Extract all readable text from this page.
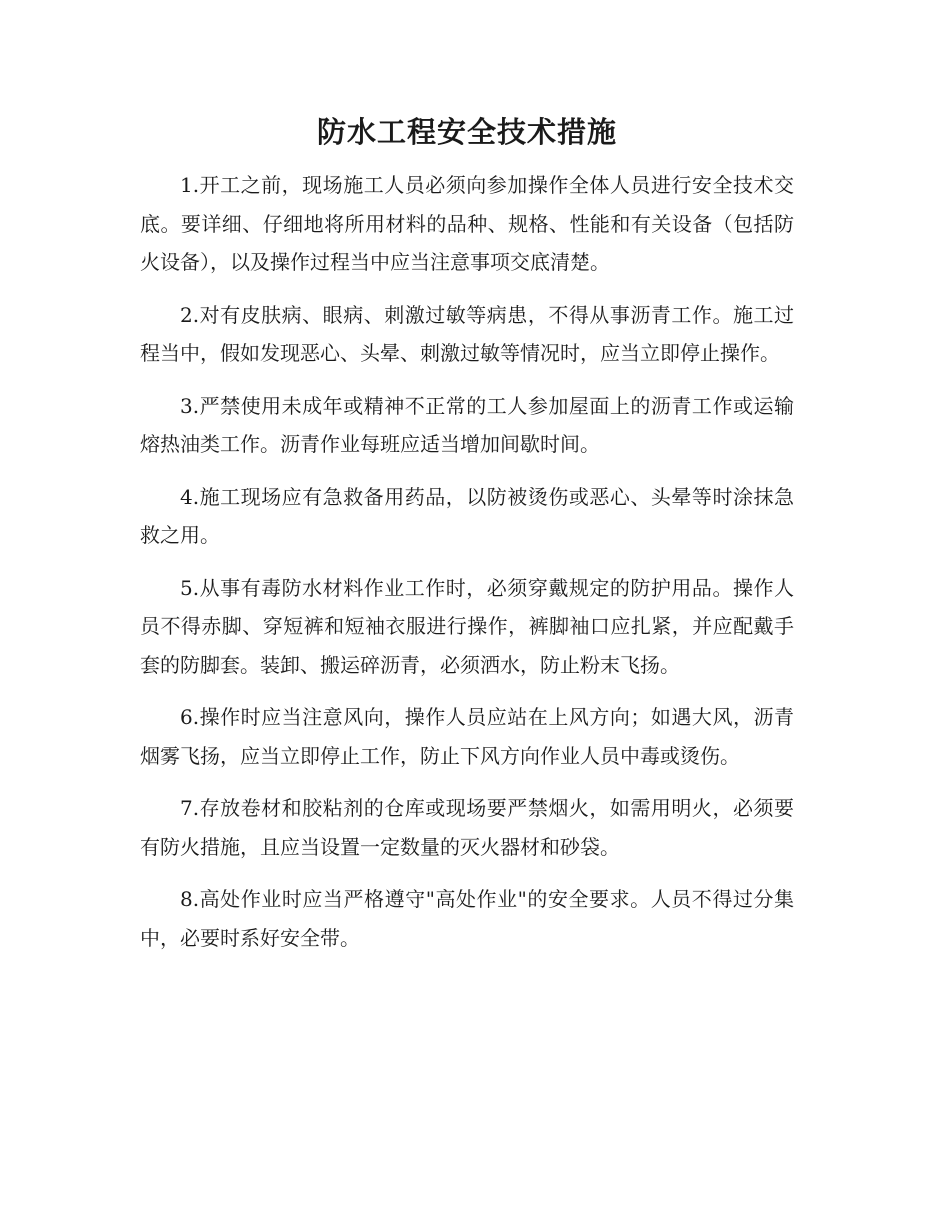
防水工程安全技术措施

1.开工之前，现场施工人员必须向参加操作全体人员进行安全技术交底。要详细、仔细地将所用材料的品种、规格、性能和有关设备（包括防火设备），以及操作过程当中应当注意事项交底清楚。

2.对有皮肤病、眼病、刺激过敏等病患，不得从事沥青工作。施工过程当中，假如发现恶心、头晕、刺激过敏等情况时，应当立即停止操作。

3.严禁使用未成年或精神不正常的工人参加屋面上的沥青工作或运输熔热油类工作。沥青作业每班应适当增加间歇时间。

4.施工现场应有急救备用药品，以防被烫伤或恶心、头晕等时涂抹急救之用。

5.从事有毒防水材料作业工作时，必须穿戴规定的防护用品。操作人员不得赤脚、穿短裤和短袖衣服进行操作，裤脚袖口应扎紧，并应配戴手套的防脚套。装卸、搬运碎沥青，必须洒水，防止粉末飞扬。

6.操作时应当注意风向，操作人员应站在上风方向；如遇大风，沥青烟雾飞扬，应当立即停止工作，防止下风方向作业人员中毒或烫伤。

7.存放卷材和胶粘剂的仓库或现场要严禁烟火，如需用明火，必须要有防火措施，且应当设置一定数量的灭火器材和砂袋。

8.高处作业时应当严格遵守"高处作业"的安全要求。人员不得过分集中，必要时系好安全带。
